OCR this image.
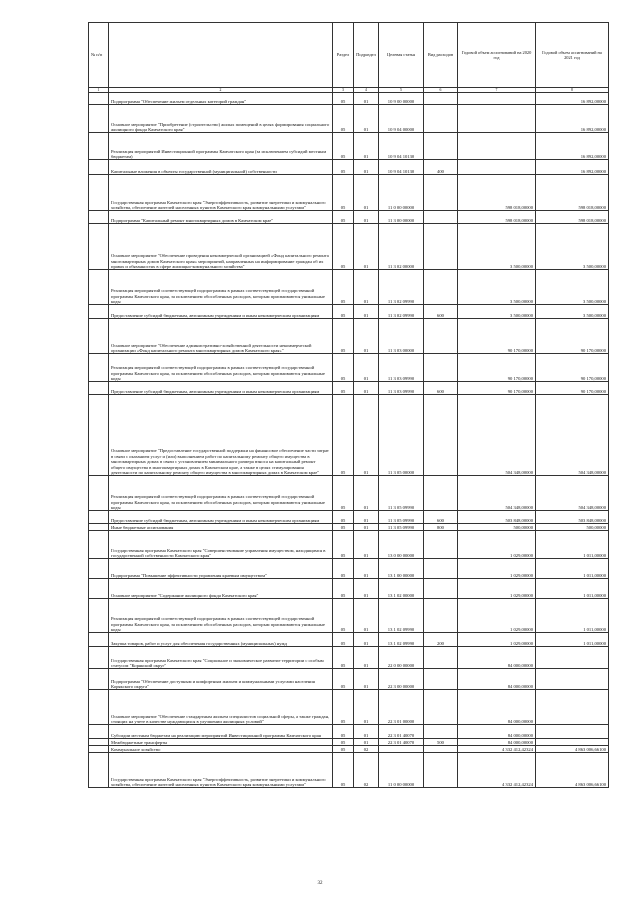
№ п/п		Раздел	Подраздел	Целевая статья	Вид расходов	Годовой объем ассигнований на 2020 год	Годовой объем ассигнований на 2021 год
1	2	3	4	5	6	7	8
	Подпрограмма "Обеспечение жильем отдельных категорий граждан"	05	01	10 9 00 00000			16 892,00000
	Основное мероприятие "Приобретение (строительство) жилых помещений в целях формирования социального жилищного фонда Камчатского края"	05	01	10 9 04 00000			16 892,00000
	Реализация мероприятий Инвестиционной программы Камчатского края (за исключением субсидий местным бюджетам)	05	01	10 9 04 10130			16 892,00000
	Капитальные вложения в объекты государственной (муниципальной) собственности	05	01	10 9 04 10130	400		16 892,00000
	Государственная программа Камчатского края "Энергоэффективность, развитие энергетики и коммунального хозяйства, обеспечение жителей населенных пунктов Камчатского края коммунальными услугами"	05	01	11 0 00 00000		598 018,00000	598 018,00000
	Подпрограмма "Капитальный ремонт многоквартирных домов в Камчатском крае"	05	01	11 3 00 00000		598 018,00000	598 018,00000
	Основное мероприятие "Обеспечение проведения некоммерческой организацией «Фонд капитального ремонта многоквартирных домов Камчатского края» мероприятий, направленных на информирование граждан об их правах и обязанностях в сфере жилищно-коммунального хозяйства"	05	01	11 3 02 00000		3 500,00000	3 500,00000
	Реализация мероприятий соответствующей подпрограммы в рамках соответствующей государственной программы Камчатского края, за исключением обособленных расходов, которым присваиваются уникальные коды	05	01	11 3 02 09990		3 500,00000	3 500,00000
	Предоставление субсидий бюджетным, автономным учреждениям и иным некоммерческим организациям	05	01	11 3 02 09990	600	3 500,00000	3 500,00000
	Основное мероприятие "Обеспечение административно-хозяйственной деятельности некоммерческой организации «Фонд капитального ремонта многоквартирных домов Камчатского края»"	05	01	11 3 03 00000		90 170,00000	90 170,00000
	Реализация мероприятий соответствующей подпрограммы в рамках соответствующей государственной программы Камчатского края, за исключением обособленных расходов, которым присваиваются уникальные коды	05	01	11 3 03 09990		90 170,00000	90 170,00000
	Предоставление субсидий бюджетным, автономным учреждениям и иным некоммерческим организациям	05	01	11 3 03 09990	600	90 170,00000	90 170,00000
	Основное мероприятие "Предоставление государственной поддержки на финансовое обеспечение части затрат в связи с оказанием услуг и (или) выполнением работ по капитальному ремонту общего имущества в многоквартирных домах в связи с установлением минимального размера взноса на капитальный ремонт общего имущества в многоквартирных домах в Камчатском крае, а также в целях стимулирования деятельности по капитальному ремонту общего имущества в многоквартирных домах в Камчатском крае"	05	01	11 3 05 00000		504 348,00000	504 348,00000
	Реализация мероприятий соответствующей подпрограммы в рамках соответствующей государственной программы Камчатского края, за исключением обособленных расходов, которым присваиваются уникальные коды	05	01	11 3 05 09990		504 348,00000	504 348,00000
	Предоставление субсидий бюджетным, автономным учреждениям и иным некоммерческим организациям	05	01	11 3 05 09990	600	503 848,00000	503 848,00000
	Иные бюджетные ассигнования	05	01	11 3 05 09990	800	500,00000	500,00000
	Государственная программа Камчатского края "Совершенствование управления имуществом, находящимся в государственной собственности Камчатского края"	05	01	13 0 00 00000		1 029,00000	1 011,00000
	Подпрограмма "Повышение эффективности управления краевым имуществом"	05	01	13 1 00 00000		1 029,00000	1 011,00000
	Основное мероприятие "Содержание жилищного фонда Камчатского края"	05	01	13 1 02 00000		1 029,00000	1 011,00000
	Реализация мероприятий соответствующей подпрограммы в рамках соответствующей государственной программы Камчатского края, за исключением обособленных расходов, которым присваиваются уникальные коды	05	01	13 1 02 09990		1 029,00000	1 011,00000
	Закупка товаров, работ и услуг для обеспечения государственных (муниципальных) нужд	05	01	13 1 02 09990	200	1 029,00000	1 011,00000
	Государственная программа Камчатского края "Социальное и экономическое развитие территории с особым статусом "Корякский округ"	05	01	22 0 00 00000		84 000,00000	
	Подпрограмма "Обеспечение доступным и комфортным жильем и коммунальными услугами населения Корякского округа"	05	01	22 3 00 00000		84 000,00000	
	Основное мероприятие "Обеспечение стандартным жильем специалистов социальной сферы, а также граждан, стоящих на учете в качестве нуждающихся в улучшении жилищных условий"	05	01	22 3 01 00000		84 000,00000	
	Субсидии местным бюджетам на реализацию мероприятий Инвестиционной программы Камчатского края	05	01	22 3 01 40070		84 000,00000	
	Межбюджетные трансферты	05	01	22 3 01 40070	500	84 000,00000	
	Коммунальное хозяйство	05	02			4 332 412,42324	4 863 006,66100
	Государственная программа Камчатского края "Энергоэффективность, развитие энергетики и коммунального хозяйства, обеспечение жителей населенных пунктов Камчатского края коммунальными услугами"	05	02	11 0 00 00000		4 332 412,42324	4 863 006,66100
32
